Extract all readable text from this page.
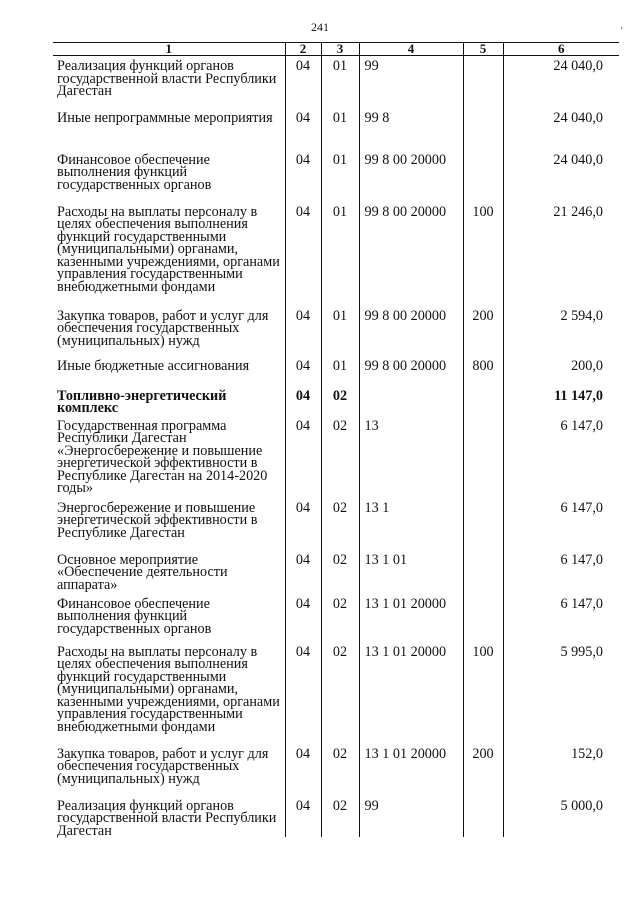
241	’
1	2	3	4	5	6
Реализация функций органов государственной власти Республики Дагестан	04	01	99		24 040,0
Иные непрограммные мероприятия	04	01	99 8		24 040,0
Финансовое обеспечение выполнения функций государственных органов	04	01	99 8 00 20000		24 040,0
Расходы на выплаты персоналу в целях обеспечения выполнения функций государственными (муниципальными) органами, казенными учреждениями, органами управления государственными внебюджетными фондами	04	01	99 8 00 20000	100	21 246,0
Закупка товаров, работ и услуг для обеспечения государственных (муниципальных) нужд	04	01	99 8 00 20000	200	2 594,0
Иные бюджетные ассигнования	04	01	99 8 00 20000	800	200,0
Топливно-энергетический комплекс	04	02			11 147,0
Государственная программа Республики Дагестан «Энергосбережение и повышение энергетической эффективности в Республике Дагестан на 2014-2020 годы»	04	02	13		6 147,0
Энергосбережение и повышение энергетической эффективности в Республике Дагестан	04	02	13 1		6 147,0
Основное мероприятие «Обеспечение деятельности аппарата»	04	02	13 1 01		6 147,0
Финансовое обеспечение выполнения функций государственных органов	04	02	13 1 01 20000		6 147,0
Расходы на выплаты персоналу в целях обеспечения выполнения функций государственными (муниципальными) органами, казенными учреждениями, органами управления государственными внебюджетными фондами	04	02	13 1 01 20000	100	5 995,0
Закупка товаров, работ и услуг для обеспечения государственных (муниципальных) нужд	04	02	13 1 01 20000	200	152,0
Реализация функций органов государственной власти Республики Дагестан	04	02	99		5 000,0
